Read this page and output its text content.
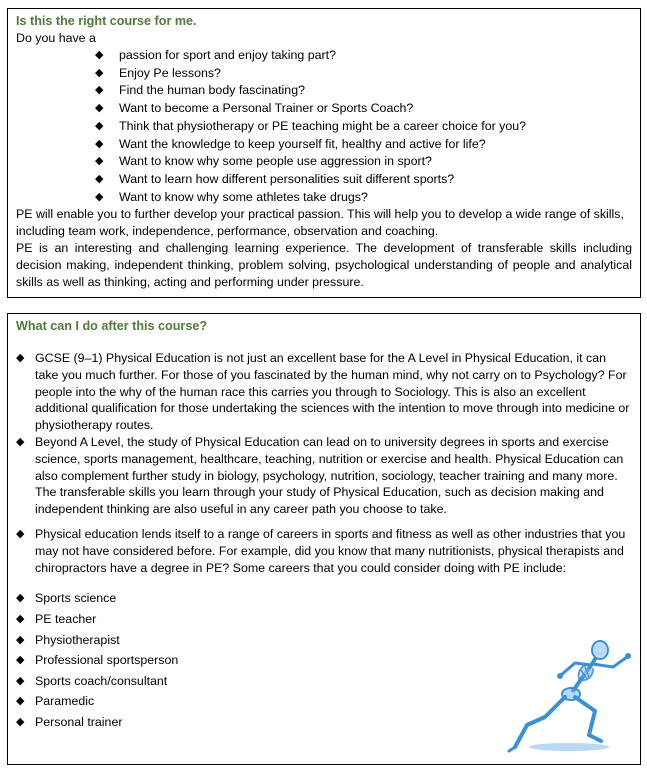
Is this the right course for me.
Do you have a
◆ passion for sport and enjoy taking part?
◆ Enjoy Pe lessons?
◆ Find the human body fascinating?
◆ Want to become a Personal Trainer or Sports Coach?
◆ Think that physiotherapy or PE teaching might be a career choice for you?
◆ Want the knowledge to keep yourself fit, healthy and active for life?
◆ Want to know why some people use aggression in sport?
◆ Want to learn how different personalities suit different sports?
◆ Want to know why some athletes take drugs?
PE will enable you to further develop your practical passion. This will help you to develop a wide range of skills, including team work, independence, performance, observation and coaching.
PE is an interesting and challenging learning experience. The development of transferable skills including decision making, independent thinking, problem solving, psychological understanding of people and analytical skills as well as thinking, acting and performing under pressure.
What can I do after this course?
◆ GCSE (9–1) Physical Education is not just an excellent base for the A Level in Physical Education, it can take you much further. For those of you fascinated by the human mind, why not carry on to Psychology? For people into the why of the human race this carries you through to Sociology. This is also an excellent additional qualification for those undertaking the sciences with the intention to move through into medicine or physiotherapy routes.
◆ Beyond A Level, the study of Physical Education can lead on to university degrees in sports and exercise science, sports management, healthcare, teaching, nutrition or exercise and health. Physical Education can also complement further study in biology, psychology, nutrition, sociology, teacher training and many more. The transferable skills you learn through your study of Physical Education, such as decision making and independent thinking are also useful in any career path you choose to take.
◆ Physical education lends itself to a range of careers in sports and fitness as well as other industries that you may not have considered before. For example, did you know that many nutritionists, physical therapists and chiropractors have a degree in PE? Some careers that you could consider doing with PE include:
◆ Sports science
◆ PE teacher
◆ Physiotherapist
◆ Professional sportsperson
◆ Sports coach/consultant
◆ Paramedic
◆ Personal trainer
